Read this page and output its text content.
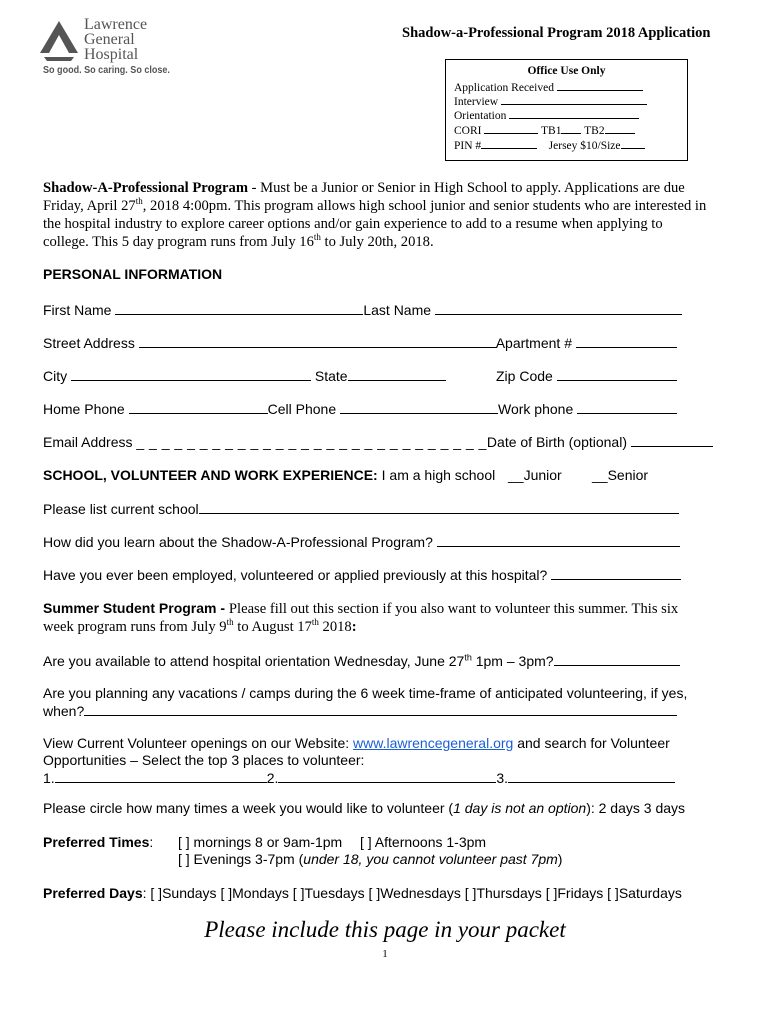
Lawrence
General
Hospital
So good. So caring. So close.
Shadow-a-Professional Program 2018 Application
Office Use Only
Application Received
Interview
Orientation
CORI	TB1 TB2
PIN #	Jersey $10/Size
Shadow-A-Professional Program - Must be a Junior or Senior in High School to apply. Applications are due
Friday, April 27th, 2018 4:00pm. This program allows high school junior and senior students who are interested in
the hospital industry to explore career options and/or gain experience to add to a resume when applying to
college. This 5 day program runs from July 16th to July 20th, 2018.
PERSONAL INFORMATION
First Name	Last Name
Street Address	Apartment #
City	State	Zip Code
Home Phone	Cell Phone	Work phone
Email Address _ _ _ _ _ _ _ _ _ _ _ _ _ _ _ _ _ _ _ _ _ _ _ _ _ _ _ _Date of Birth (optional)
SCHOOL, VOLUNTEER AND WORK EXPERIENCE: I am a high school __Junior __Senior
Please list current school
How did you learn about the Shadow-A-Professional Program?
Have you ever been employed, volunteered or applied previously at this hospital?
Summer Student Program - Please fill out this section if you also want to volunteer this summer. This six
week program runs from July 9th to August 17th 2018:
Are you available to attend hospital orientation Wednesday, June 27th 1pm – 3pm?
Are you planning any vacations / camps during the 6 week time-frame of anticipated volunteering, if yes,
when?
View Current Volunteer openings on our Website: www.lawrencegeneral.org and search for Volunteer
Opportunities – Select the top 3 places to volunteer:
1.	2.	3.
Please circle how many times a week you would like to volunteer (1 day is not an option): 2 days 3 days
Preferred Times: [ ] mornings 8 or 9am-1pm [ ] Afternoons 1-3pm
[ ] Evenings 3-7pm (under 18, you cannot volunteer past 7pm)
Preferred Days: [ ]Sundays [ ]Mondays [ ]Tuesdays [ ]Wednesdays [ ]Thursdays [ ]Fridays [ ]Saturdays
Please include this page in your packet
1
